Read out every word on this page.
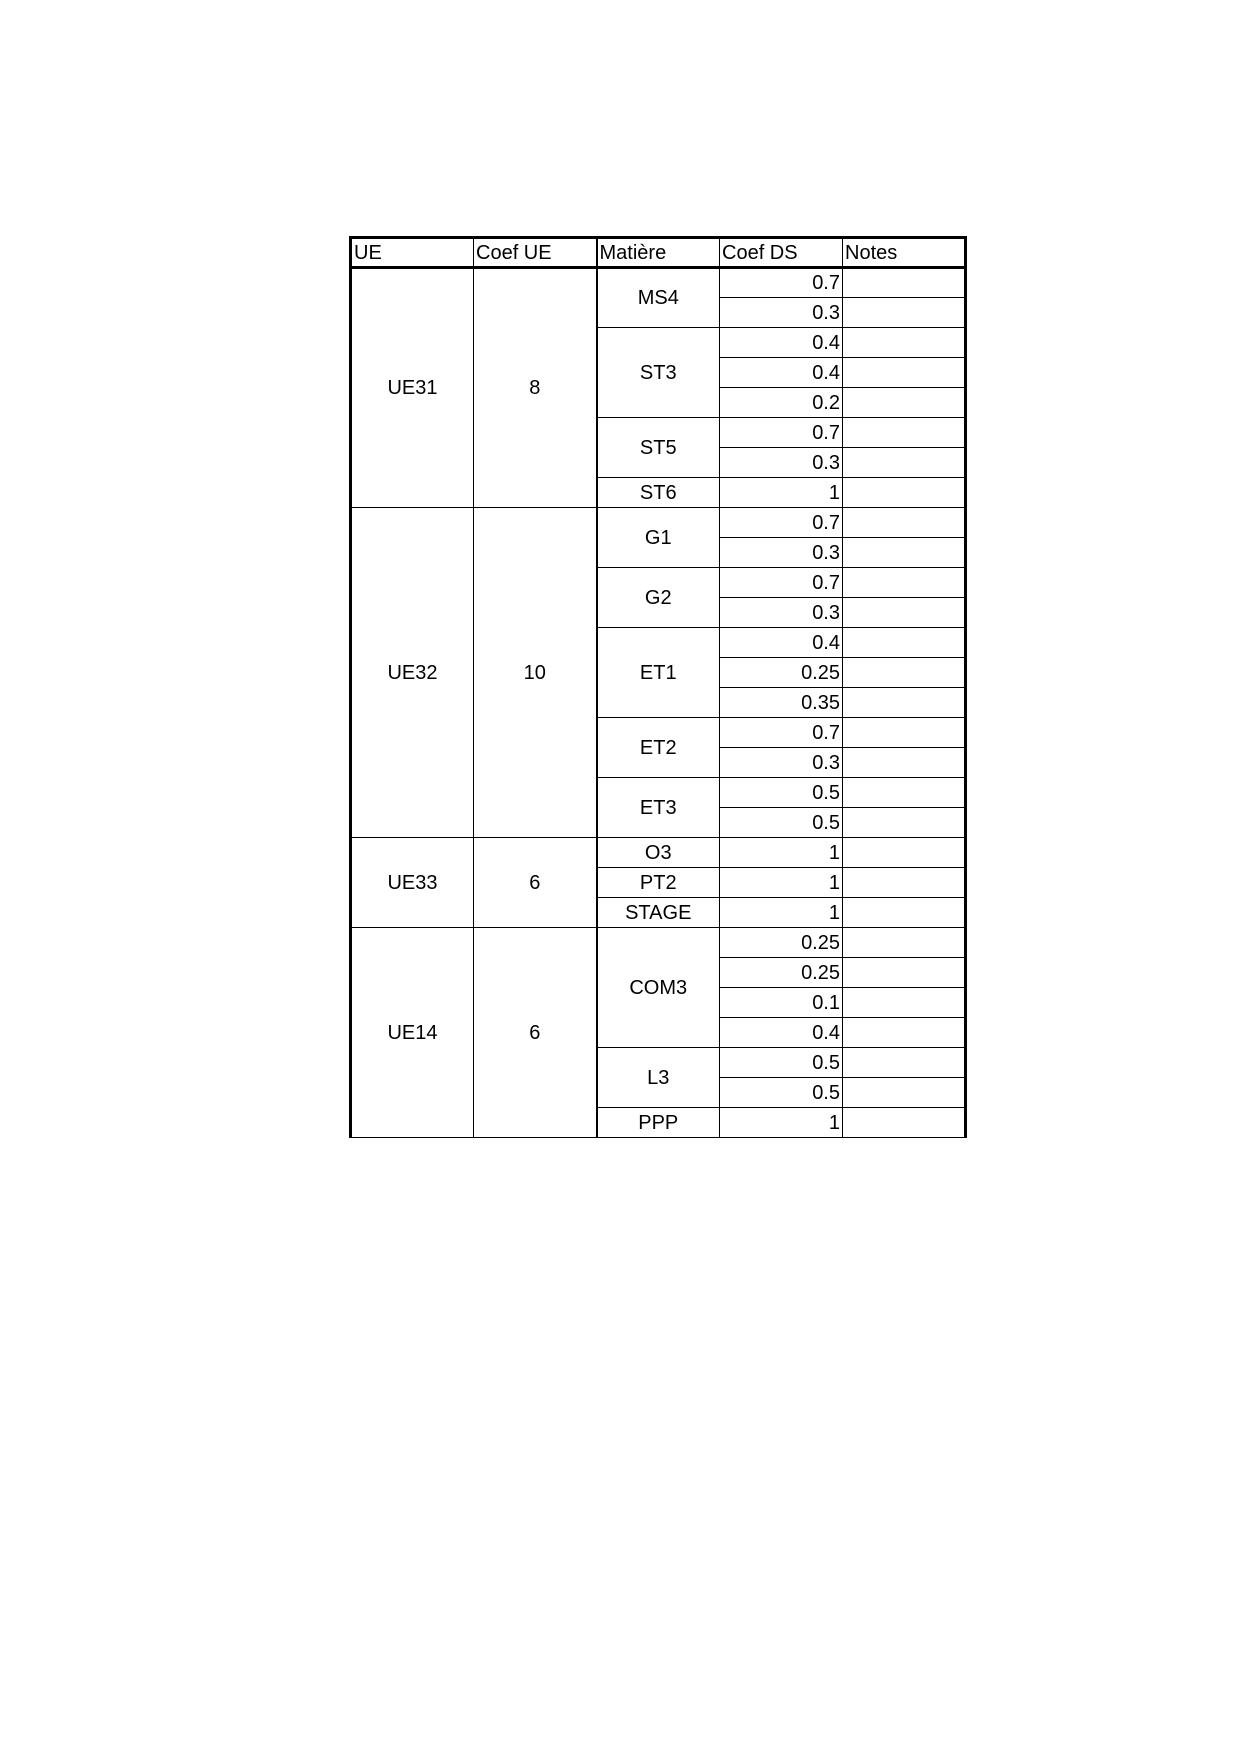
UE	Coef UE	Matière	Coef DS	Notes
UE31	8	MS4	0.7	
			0.3	
		ST3	0.4	
			0.4	
			0.2	
		ST5	0.7	
			0.3	
		ST6	1	
UE32	10	G1	0.7	
			0.3	
		G2	0.7	
			0.3	
		ET1	0.4	
			0.25	
			0.35	
		ET2	0.7	
			0.3	
		ET3	0.5	
			0.5	
UE33	6	O3	1	
		PT2	1	
		STAGE	1	
UE14	6	COM3	0.25	
			0.25	
			0.1	
			0.4	
		L3	0.5	
			0.5	
		PPP	1	
